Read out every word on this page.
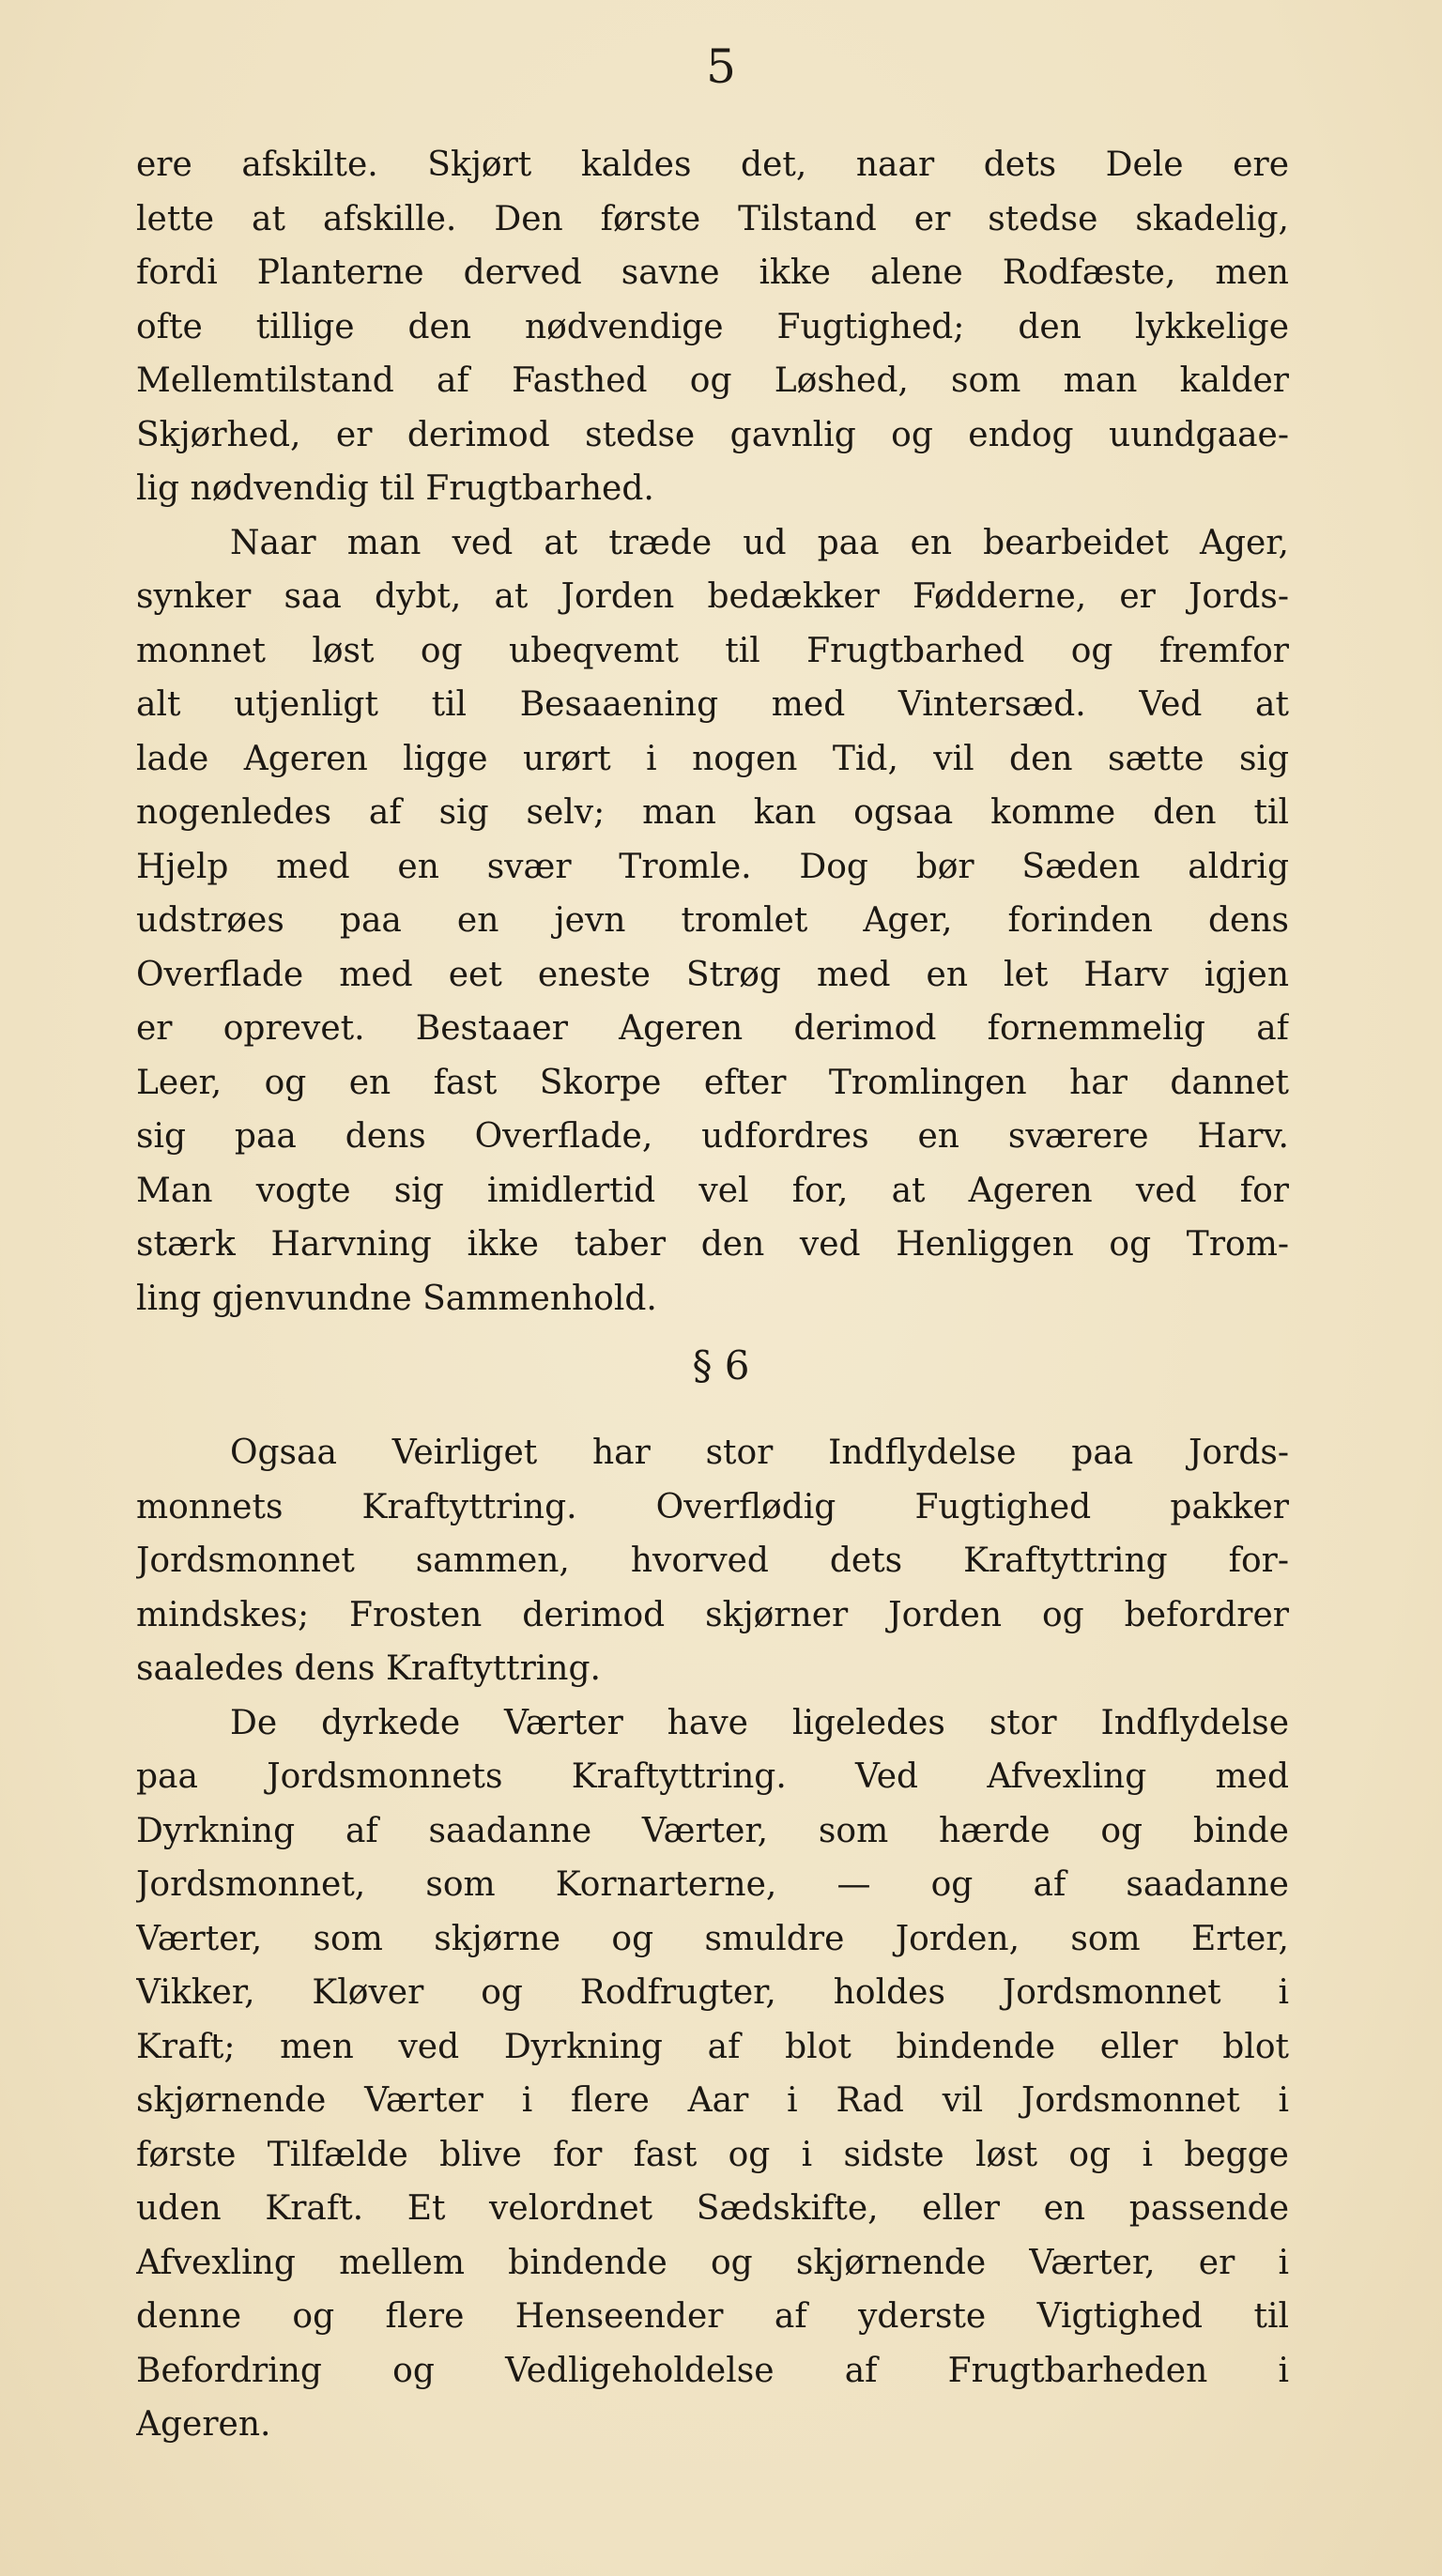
5
ere afskilte. Skjørt kaldes det, naar dets Dele ere
lette at afskille. Den første Tilstand er stedse skadelig,
fordi Planterne derved savne ikke alene Rodfæste, men
ofte tillige den nødvendige Fugtighed; den lykkelige
Mellemtilstand af Fasthed og Løshed, som man kalder
Skjørhed, er derimod stedse gavnlig og endog uundgaae-
lig nødvendig til Frugtbarhed.
Naar man ved at træde ud paa en bearbeidet Ager,
synker saa dybt, at Jorden bedækker Fødderne, er Jords-
monnet løst og ubeqvemt til Frugtbarhed og fremfor
alt utjenligt til Besaaening med Vintersæd. Ved at
lade Ageren ligge urørt i nogen Tid, vil den sætte sig
nogenledes af sig selv; man kan ogsaa komme den til
Hjelp med en svær Tromle. Dog bør Sæden aldrig
udstrøes paa en jevn tromlet Ager, forinden dens
Overflade med eet eneste Strøg med en let Harv igjen
er oprevet. Bestaaer Ageren derimod fornemmelig af
Leer, og en fast Skorpe efter Tromlingen har dannet
sig paa dens Overflade, udfordres en sværere Harv.
Man vogte sig imidlertid vel for, at Ageren ved for
stærk Harvning ikke taber den ved Henliggen og Trom-
ling gjenvundne Sammenhold.
§ 6
Ogsaa Veirliget har stor Indflydelse paa Jords-
monnets Kraftyttring. Overflødig Fugtighed pakker
Jordsmonnet sammen, hvorved dets Kraftyttring for-
mindskes; Frosten derimod skjørner Jorden og befordrer
saaledes dens Kraftyttring.
De dyrkede Værter have ligeledes stor Indflydelse
paa Jordsmonnets Kraftyttring. Ved Afvexling med
Dyrkning af saadanne Værter, som hærde og binde
Jordsmonnet, som Kornarterne, — og af saadanne
Værter, som skjørne og smuldre Jorden, som Erter,
Vikker, Kløver og Rodfrugter, holdes Jordsmonnet i
Kraft; men ved Dyrkning af blot bindende eller blot
skjørnende Værter i flere Aar i Rad vil Jordsmonnet i
første Tilfælde blive for fast og i sidste løst og i begge
uden Kraft. Et velordnet Sædskifte, eller en passende
Afvexling mellem bindende og skjørnende Værter, er i
denne og flere Henseender af yderste Vigtighed til
Befordring og Vedligeholdelse af Frugtbarheden i
Ageren.
